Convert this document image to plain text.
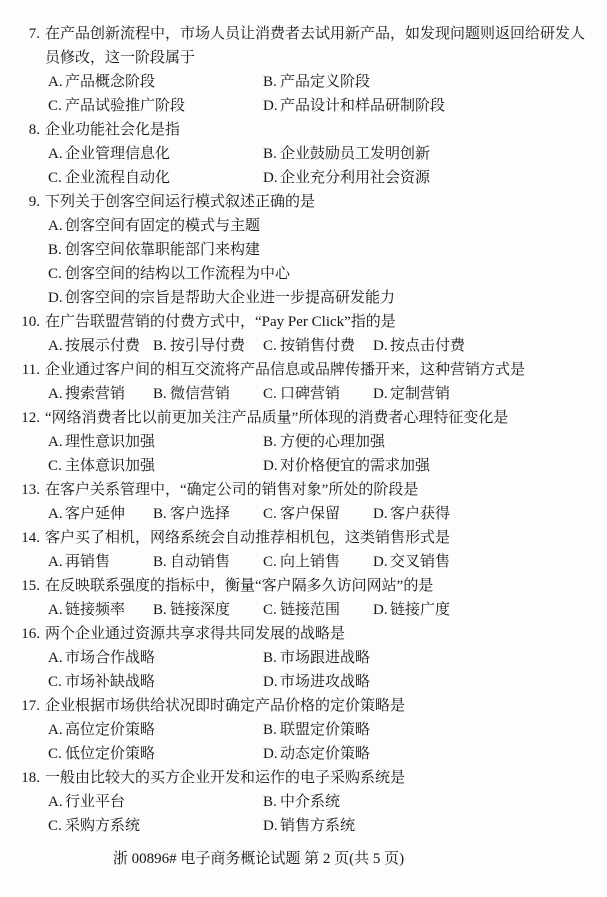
7. 在产品创新流程中，市场人员让消费者去试用新产品，如发现问题则返回给研发人
员修改，这一阶段属于
A. 产品概念阶段	B. 产品定义阶段
C. 产品试验推广阶段	D. 产品设计和样品研制阶段
8. 企业功能社会化是指
A. 企业管理信息化	B. 企业鼓励员工发明创新
C. 企业流程自动化	D. 企业充分利用社会资源
9. 下列关于创客空间运行模式叙述正确的是
A. 创客空间有固定的模式与主题
B. 创客空间依靠职能部门来构建
C. 创客空间的结构以工作流程为中心
D. 创客空间的宗旨是帮助大企业进一步提高研发能力
10. 在广告联盟营销的付费方式中，“Pay Per Click”指的是
A. 按展示付费 B. 按引导付费	C. 按销售付费	D. 按点击付费
11. 企业通过客户间的相互交流将产品信息或品牌传播开来，这种营销方式是
A. 搜索营销	B. 微信营销	C. 口碑营销	D. 定制营销
12. “网络消费者比以前更加关注产品质量”所体现的消费者心理特征变化是
A. 理性意识加强	B. 方便的心理加强
C. 主体意识加强	D. 对价格便宜的需求加强
13. 在客户关系管理中，“确定公司的销售对象”所处的阶段是
A. 客户延伸	B. 客户选择	C. 客户保留	D. 客户获得
14. 客户买了相机，网络系统会自动推荐相机包，这类销售形式是
A. 再销售	B. 自动销售	C. 向上销售	D. 交叉销售
15. 在反映联系强度的指标中，衡量“客户隔多久访问网站”的是
A. 链接频率	B. 链接深度	C. 链接范围	D. 链接广度
16. 两个企业通过资源共享求得共同发展的战略是
A. 市场合作战略	B. 市场跟进战略
C. 市场补缺战略	D. 市场进攻战略
17. 企业根据市场供给状况即时确定产品价格的定价策略是
A. 高位定价策略	B. 联盟定价策略
C. 低位定价策略	D. 动态定价策略
18. 一般由比较大的买方企业开发和运作的电子采购系统是
A. 行业平台	B. 中介系统
C. 采购方系统	D. 销售方系统
浙 00896# 电子商务概论试题 第 2 页(共 5 页)
